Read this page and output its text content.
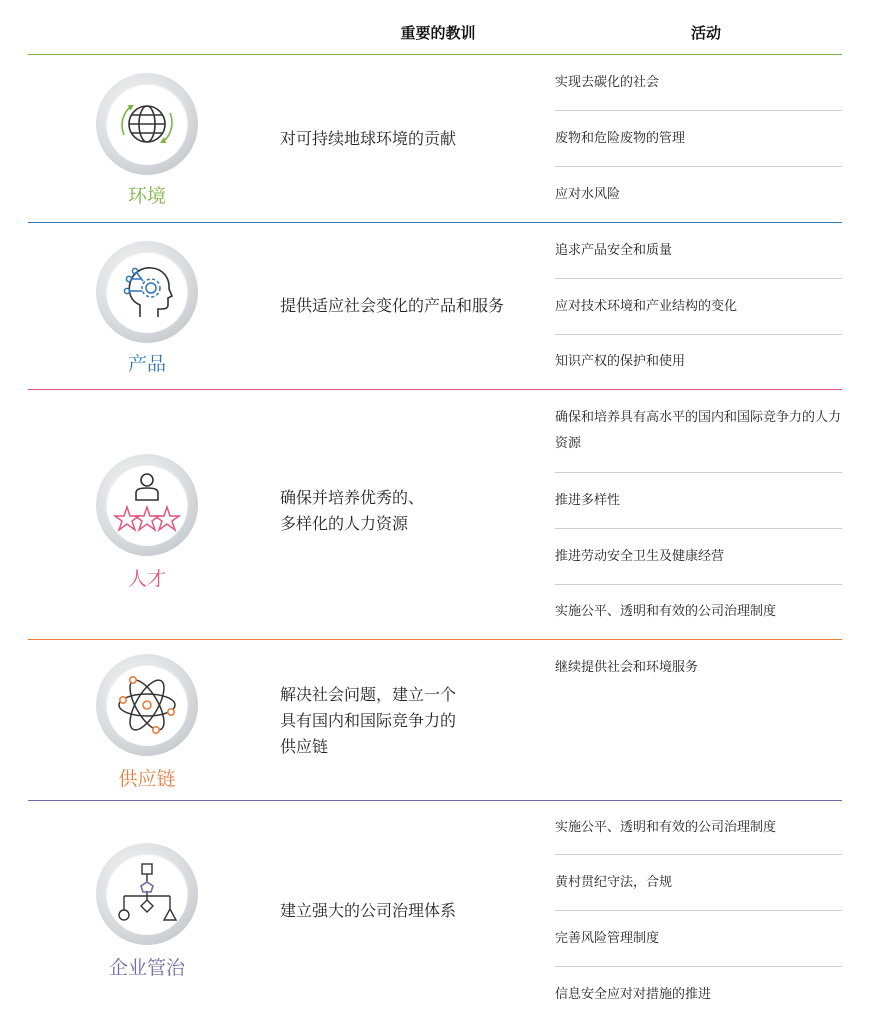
重要的教训	活动
环境
对可持续地球环境的贡献
实现去碳化的社会
废物和危险废物的管理
应对水风险
产品
提供适应社会变化的产品和服务
追求产品安全和质量
应对技术环境和产业结构的变化
知识产权的保护和使用
人才
确保并培养优秀的、
多样化的人力资源
确保和培养具有高水平的国内和国际竞争力的人力资源
推进多样性
推进劳动安全卫生及健康经营
实施公平、透明和有效的公司治理制度
供应链
解决社会问题，建立一个
具有国内和国际竞争力的
供应链
继续提供社会和环境服务
企业管治
建立强大的公司治理体系
实施公平、透明和有效的公司治理制度
黄村贯纪守法，合规
完善风险管理制度
信息安全应对对措施的推进
